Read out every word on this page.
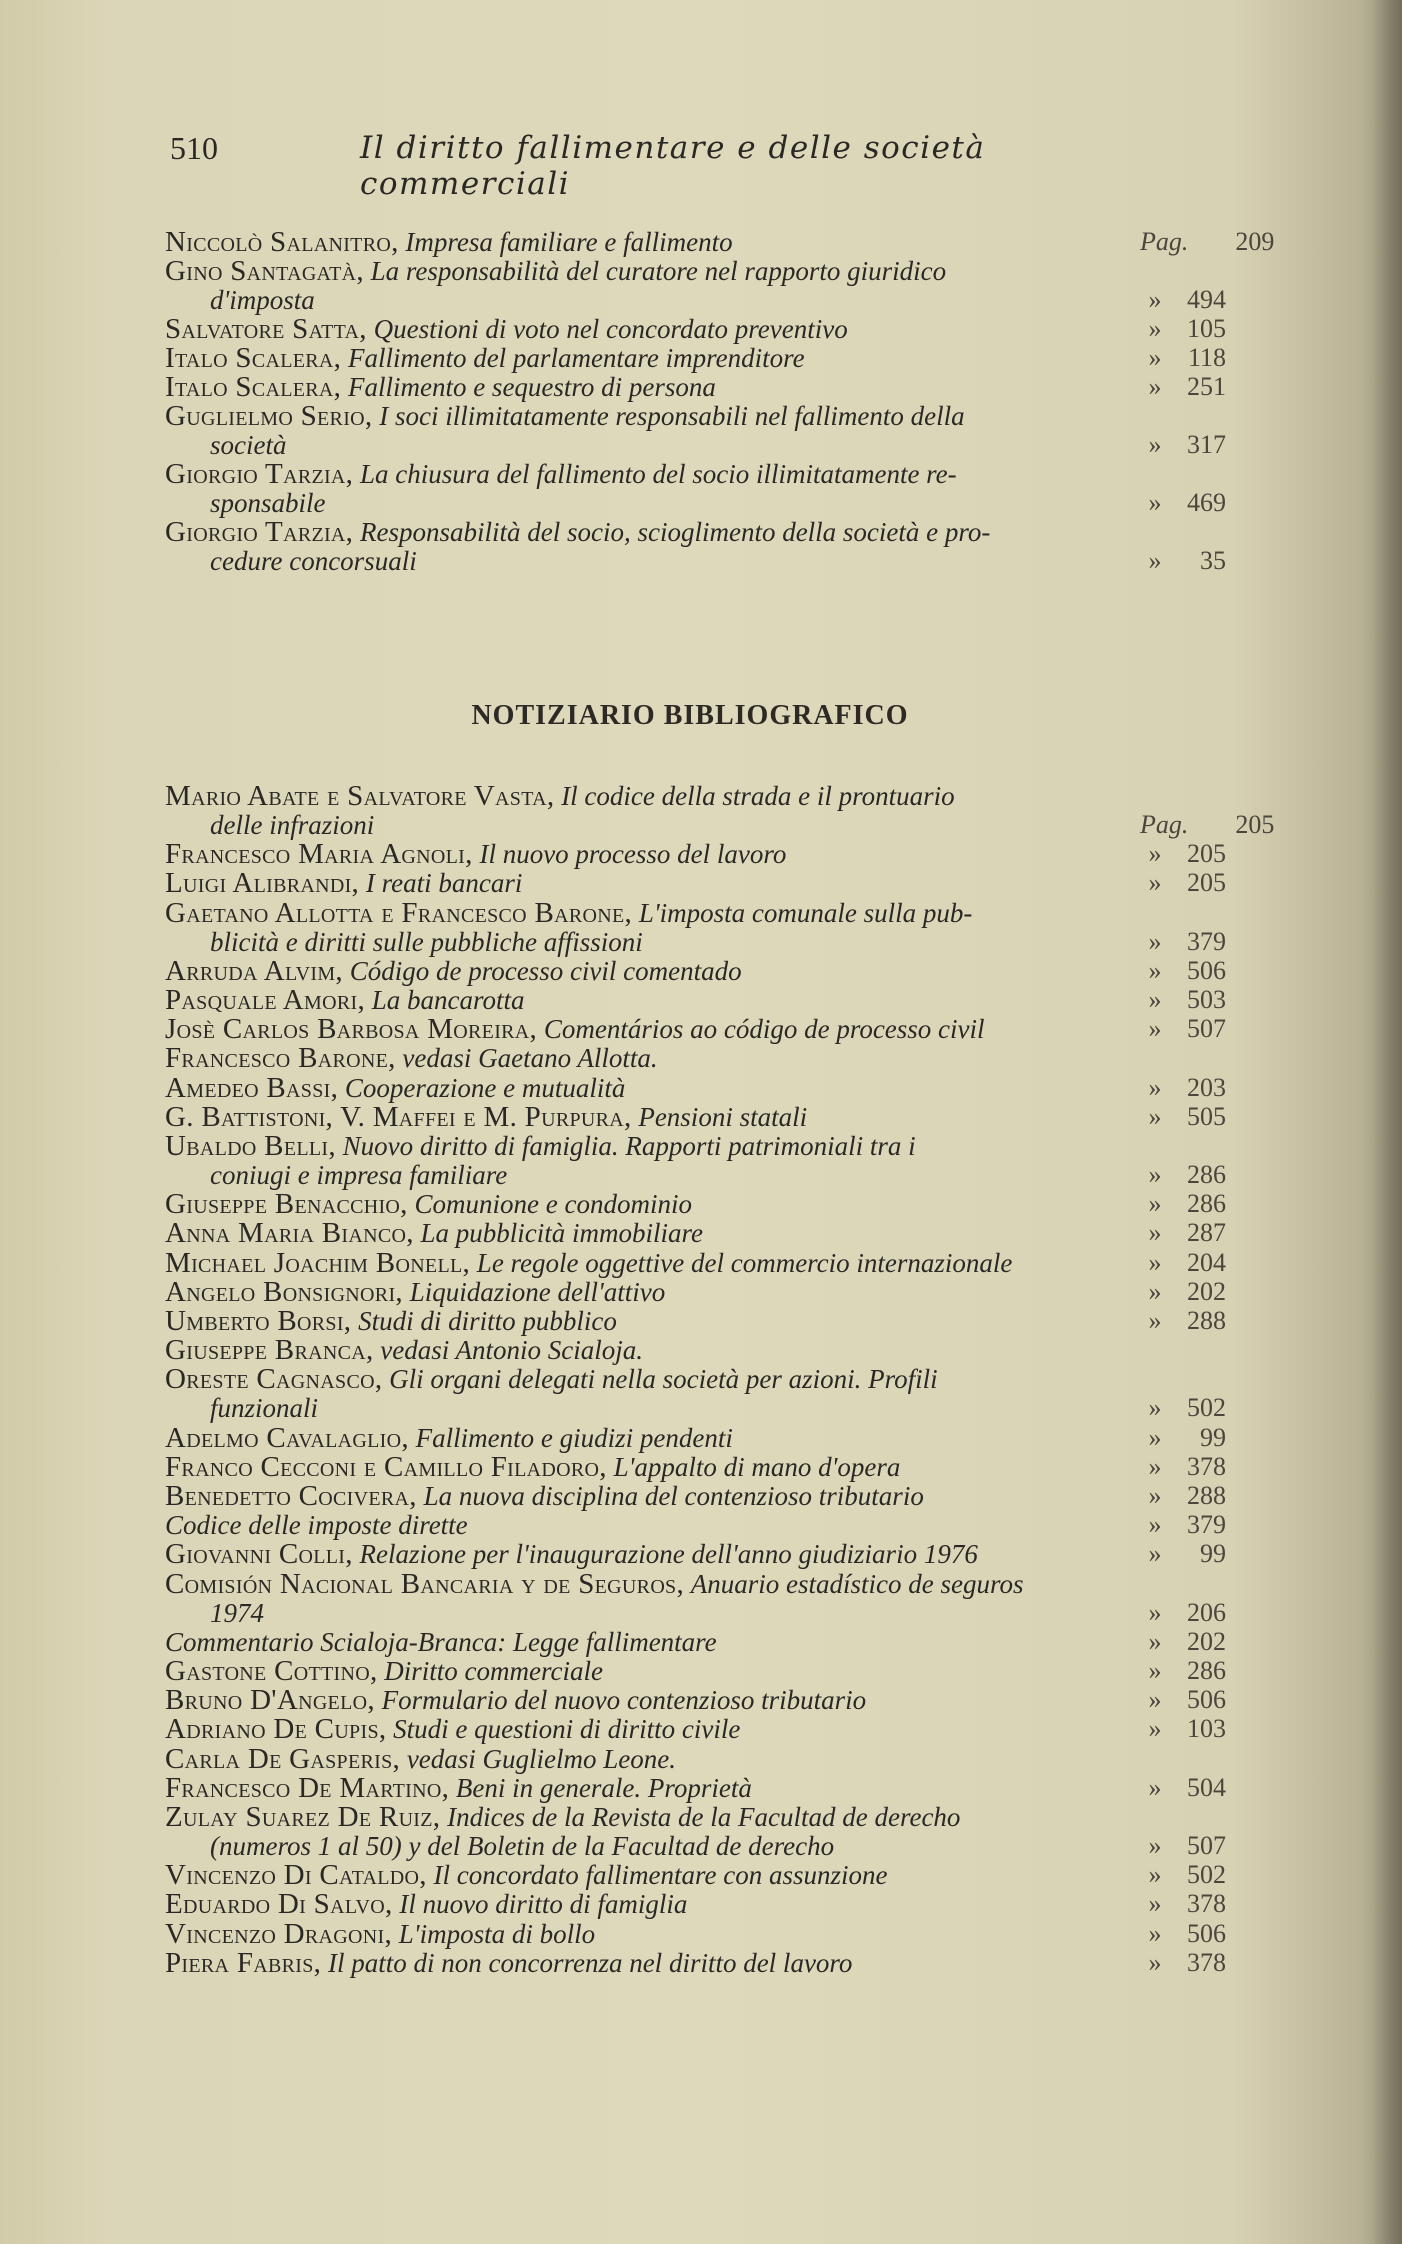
510	Il diritto fallimentare e delle società commerciali
NOTIZIARIO BIBLIOGRAFICO
Niccolò Salanitro, Impresa familiare e fallimento	Pag. 209
Gino Santagatà, La responsabilità del curatore nel rapporto giuridico
d'imposta	» 494
Salvatore Satta, Questioni di voto nel concordato preventivo	» 105
Italo Scalera, Fallimento del parlamentare imprenditore	» 118
Italo Scalera, Fallimento e sequestro di persona	» 251
Guglielmo Serio, I soci illimitatamente responsabili nel fallimento della
società	» 317
Giorgio Tarzia, La chiusura del fallimento del socio illimitatamente re-
sponsabile	» 469
Giorgio Tarzia, Responsabilità del socio, scioglimento della società e pro-
cedure concorsuali	» 35
Mario Abate e Salvatore Vasta, Il codice della strada e il prontuario
delle infrazioni	Pag. 205
Francesco Maria Agnoli, Il nuovo processo del lavoro	» 205
Luigi Alibrandi, I reati bancari	» 205
Gaetano Allotta e Francesco Barone, L'imposta comunale sulla pub-
blicità e diritti sulle pubbliche affissioni	» 379
Arruda Alvim, Código de processo civil comentado	» 506
Pasquale Amori, La bancarotta	» 503
Josè Carlos Barbosa Moreira, Comentários ao código de processo civil	» 507
Francesco Barone, vedasi Gaetano Allotta.
Amedeo Bassi, Cooperazione e mutualità	» 203
G. Battistoni, V. Maffei e M. Purpura, Pensioni statali	» 505
Ubaldo Belli, Nuovo diritto di famiglia. Rapporti patrimoniali tra i
coniugi e impresa familiare	» 286
Giuseppe Benacchio, Comunione e condominio	» 286
Anna Maria Bianco, La pubblicità immobiliare	» 287
Michael Joachim Bonell, Le regole oggettive del commercio internazionale	» 204
Angelo Bonsignori, Liquidazione dell'attivo	» 202
Umberto Borsi, Studi di diritto pubblico	» 288
Giuseppe Branca, vedasi Antonio Scialoja.
Oreste Cagnasco, Gli organi delegati nella società per azioni. Profili
funzionali	» 502
Adelmo Cavalaglio, Fallimento e giudizi pendenti	» 99
Franco Cecconi e Camillo Filadoro, L'appalto di mano d'opera	» 378
Benedetto Cocivera, La nuova disciplina del contenzioso tributario	» 288
Codice delle imposte dirette	» 379
Giovanni Colli, Relazione per l'inaugurazione dell'anno giudiziario 1976	» 99
Comisión Nacional Bancaria y de Seguros, Anuario estadístico de seguros
1974	» 206
Commentario Scialoja-Branca: Legge fallimentare	» 202
Gastone Cottino, Diritto commerciale	» 286
Bruno D'Angelo, Formulario del nuovo contenzioso tributario	» 506
Adriano De Cupis, Studi e questioni di diritto civile	» 103
Carla De Gasperis, vedasi Guglielmo Leone.
Francesco De Martino, Beni in generale. Proprietà	» 504
Zulay Suarez De Ruiz, Indices de la Revista de la Facultad de derecho
(numeros 1 al 50) y del Boletin de la Facultad de derecho	» 507
Vincenzo Di Cataldo, Il concordato fallimentare con assunzione	» 502
Eduardo Di Salvo, Il nuovo diritto di famiglia	» 378
Vincenzo Dragoni, L'imposta di bollo	» 506
Piera Fabris, Il patto di non concorrenza nel diritto del lavoro	» 378
